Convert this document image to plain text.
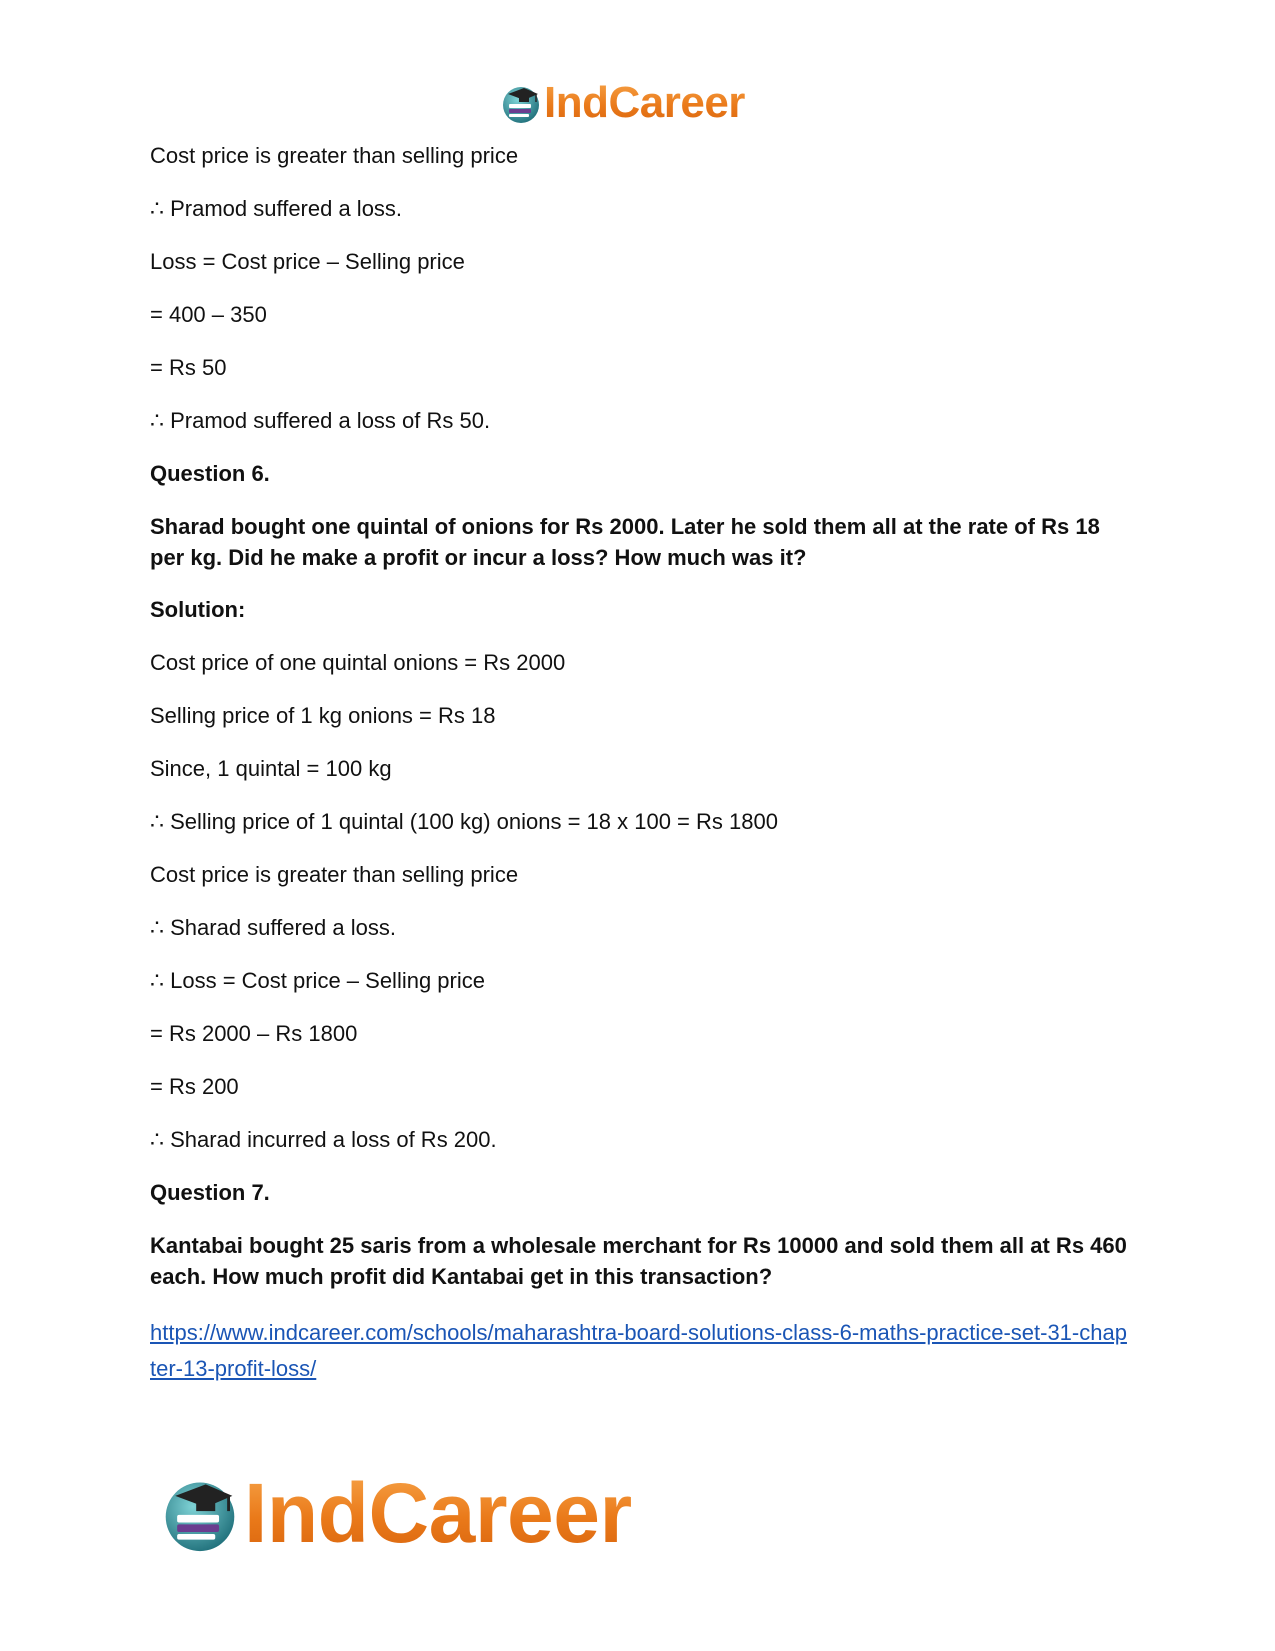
IndCareer

Cost price is greater than selling price

∴ Pramod suffered a loss.

Loss = Cost price – Selling price

= 400 – 350

= Rs 50

∴ Pramod suffered a loss of Rs 50.

Question 6.

Sharad bought one quintal of onions for Rs 2000. Later he sold them all at the rate of Rs 18 per kg. Did he make a profit or incur a loss? How much was it?

Solution:

Cost price of one quintal onions = Rs 2000

Selling price of 1 kg onions = Rs 18

Since, 1 quintal = 100 kg

∴ Selling price of 1 quintal (100 kg) onions = 18 x 100 = Rs 1800

Cost price is greater than selling price

∴ Sharad suffered a loss.

∴ Loss = Cost price – Selling price

= Rs 2000 – Rs 1800

= Rs 200

∴ Sharad incurred a loss of Rs 200.

Question 7.

Kantabai bought 25 saris from a wholesale merchant for Rs 10000 and sold them all at Rs 460 each. How much profit did Kantabai get in this transaction?

https://www.indcareer.com/schools/maharashtra-board-solutions-class-6-maths-practice-set-31-chapter-13-profit-loss/
IndCareer
